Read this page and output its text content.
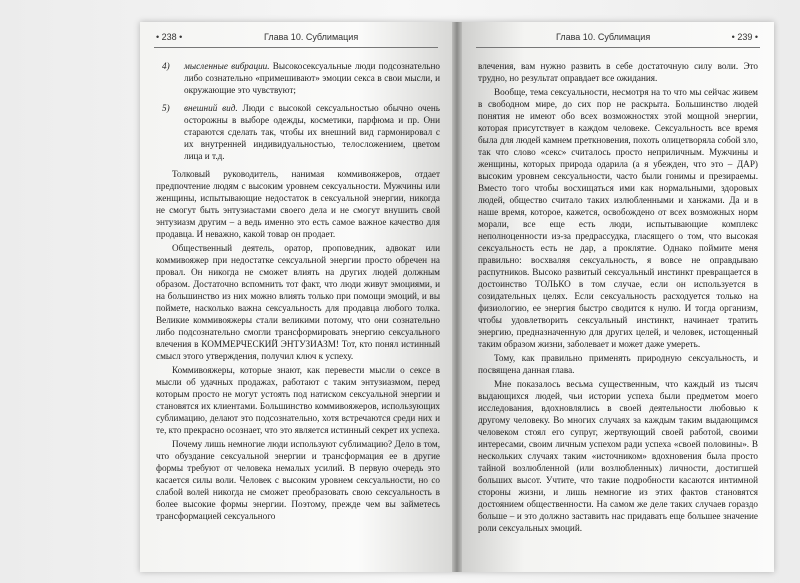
• 238 •	Глава 10. Сублимация
4) мысленные вибрации. Высокосексуальные люди подсознательно либо сознательно «примешивают» эмоции секса в свои мысли, и окружающие это чувствуют;
5) внешний вид. Люди с высокой сексуальностью обычно очень осторожны в выборе одежды, косметики, парфюма и пр. Они стараются сделать так, чтобы их внешний вид гармонировал с их внутренней индивидуальностью, телосложением, цветом лица и т.д.

Толковый руководитель, нанимая коммивояжеров, отдает предпочтение людям с высоким уровнем сексуальности. Мужчины или женщины, испытывающие недостаток в сексуальной энергии, никогда не смогут быть энтузиастами своего дела и не смогут внушить свой энтузиазм другим – а ведь именно это есть самое важное качество для продавца. И неважно, какой товар он продает.

Общественный деятель, оратор, проповедник, адвокат или коммивояжер при недостатке сексуальной энергии просто обречен на провал. Он никогда не сможет влиять на других людей должным образом. Достаточно вспомнить тот факт, что люди живут эмоциями, и на большинство из них можно влиять только при помощи эмоций, и вы поймете, насколько важна сексуальность для продавца любого толка. Великие коммивояжеры стали великими потому, что они сознательно либо подсознательно смогли трансформировать энергию сексуального влечения в КОММЕРЧЕСКИЙ ЭНТУЗИАЗМ! Тот, кто понял истинный смысл этого утверждения, получил ключ к успеху.

Коммивояжеры, которые знают, как перевести мысли о сексе в мысли об удачных продажах, работают с таким энтузиазмом, перед которым просто не могут устоять под натиском сексуальной энергии и становятся их клиентами. Большинство коммивояжеров, использующих сублимацию, делают это подсознательно, хотя встречаются среди них и те, кто прекрасно осознает, что это является истинный секрет их успеха.

Почему лишь немногие люди используют сублимацию? Дело в том, что обуздание сексуальной энергии и трансформация ее в другие формы требуют от человека немалых усилий. В первую очередь это касается силы воли. Человек с высоким уровнем сексуальности, но со слабой волей никогда не сможет преобразовать свою сексуальность в более высокие формы энергии. Поэтому, прежде чем вы займетесь трансформацией сексуального

Глава 10. Сублимация	• 239 •

влечения, вам нужно развить в себе достаточную силу воли. Это трудно, но результат оправдает все ожидания.

Вообще, тема сексуальности, несмотря на то что мы сейчас живем в свободном мире, до сих пор не раскрыта. Большинство людей понятия не имеют обо всех возможностях этой мощной энергии, которая присутствует в каждом человеке. Сексуальность все время была для людей камнем преткновения, похоть олицетворяла собой зло, так что слово «секс» считалось просто неприличным. Мужчины и женщины, которых природа одарила (а я убежден, что это – ДАР) высоким уровнем сексуальности, часто были гонимы и презираемы. Вместо того чтобы восхищаться ими как нормальными, здоровых людей, общество считало таких излюбленными и ханжами. Да и в наше время, которое, кажется, освобождено от всех возможных норм морали, все еще есть люди, испытывающие комплекс неполноценности из-за предрассудка, гласящего о том, что высокая сексуальность есть не дар, а проклятие. Однако поймите меня правильно: восхваляя сексуальность, я вовсе не оправдываю распутников. Высоко развитый сексуальный инстинкт превращается в достоинство ТОЛЬКО в том случае, если он используется в созидательных целях. Если сексуальность расходуется только на физиологию, ее энергия быстро сводится к нулю. И тогда организм, чтобы удовлетворить сексуальный инстинкт, начинает тратить энергию, предназначенную для других целей, и человек, истощенный таким образом жизни, заболевает и может даже умереть.

Тому, как правильно применять природную сексуальность, и посвящена данная глава.

Мне показалось весьма существенным, что каждый из тысяч выдающихся людей, чьи истории успеха были предметом моего исследования, вдохновлялись в своей деятельности любовью к другому человеку. Во многих случаях за каждым таким выдающимся человеком стоял его супруг, жертвующий своей работой, своими интересами, своим личным успехом ради успеха «своей половины». В нескольких случаях таким «источником» вдохновения была просто тайной возлюбленной (или возлюбленных) личности, достигшей больших высот. Учтите, что такие подробности касаются интимной стороны жизни, и лишь немногие из этих фактов становятся достоянием общественности. На самом же деле таких случаев гораздо больше – и это должно заставить нас придавать еще большее значение роли сексуальных эмоций.
